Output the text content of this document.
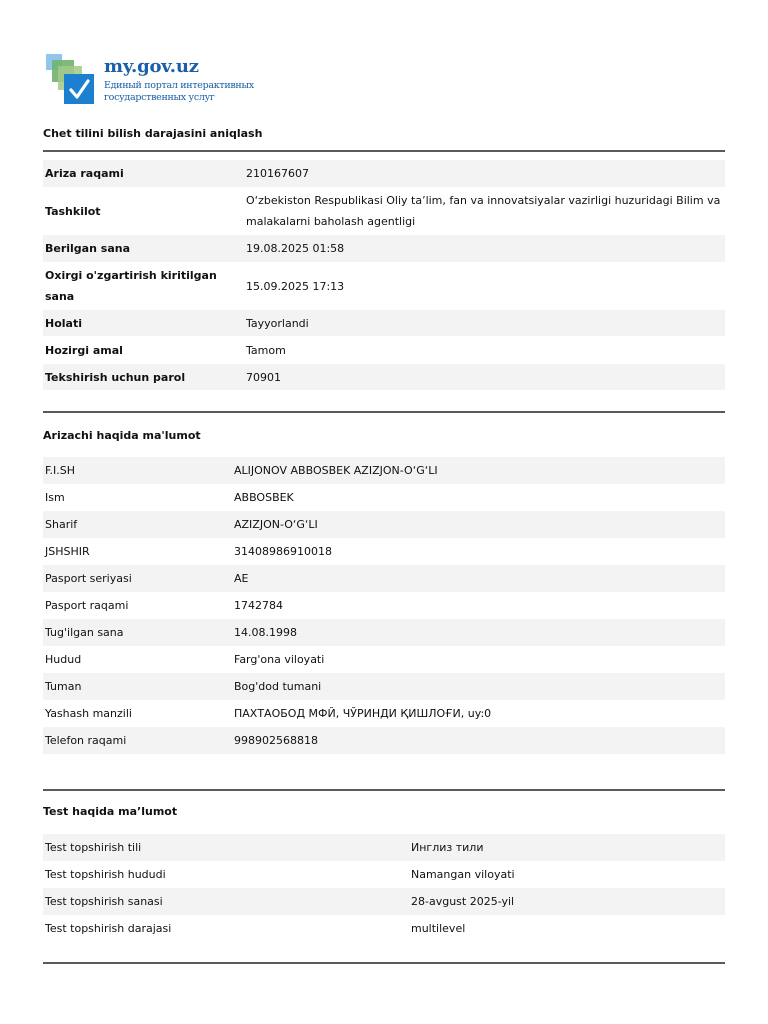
my.gov.uz
Единый портал интерактивных
государственных услуг
Chet tilini bilish darajasini aniqlash
Ariza raqami	210167607
Tashkilot	O‘zbekiston Respublikasi Oliy ta’lim, fan va innovatsiyalar vazirligi huzuridagi Bilim va malakalarni baholash agentligi
Berilgan sana	19.08.2025 01:58
Oxirgi o'zgartirish kiritilgan sana	15.09.2025 17:13
Holati	Tayyorlandi
Hozirgi amal	Tamom
Tekshirish uchun parol	70901
Arizachi haqida ma'lumot
F.I.SH	ALIJONOV ABBOSBEK AZIZJON-O‘G‘LI
Ism	ABBOSBEK
Sharif	AZIZJON-O‘G‘LI
JSHSHIR	31408986910018
Pasport seriyasi	AE
Pasport raqami	1742784
Tug'ilgan sana	14.08.1998
Hudud	Farg'ona viloyati
Tuman	Bog'dod tumani
Yashash manzili	ПАХТАОБОД МФЙ, ЧЎРИНДИ ҚИШЛОҒИ, uy:0
Telefon raqami	998902568818
Test haqida ma’lumot
Test topshirish tili	Инглиз тили
Test topshirish hududi	Namangan viloyati
Test topshirish sanasi	28-avgust 2025-yil
Test topshirish darajasi	multilevel
